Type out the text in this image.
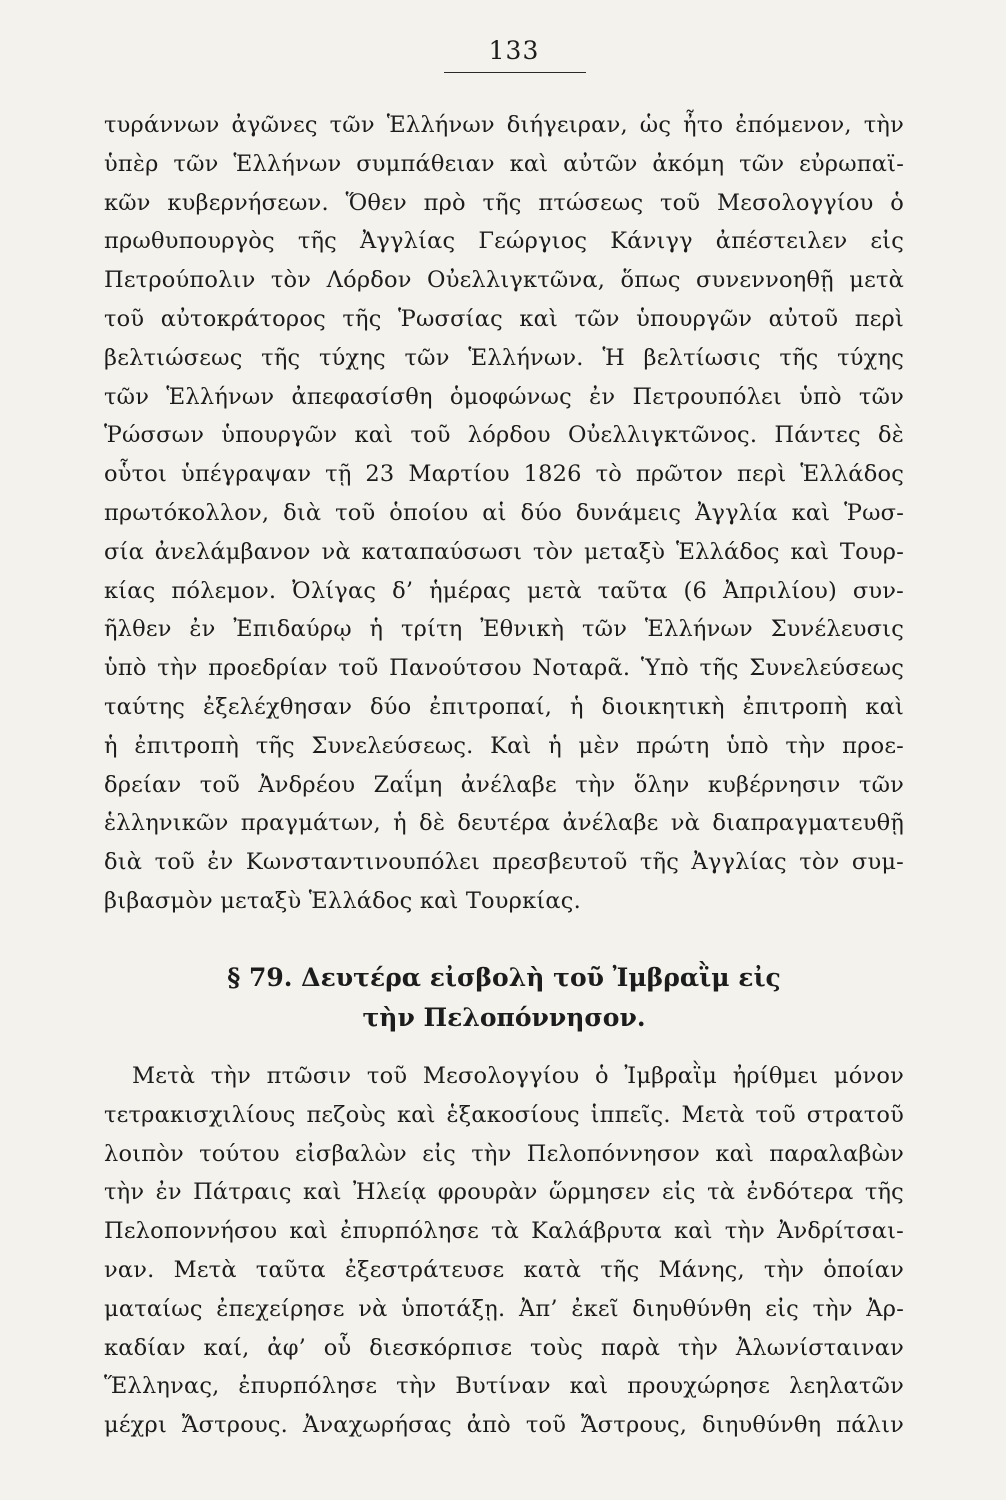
133
τυράννων ἀγῶνες τῶν Ἑλλήνων διήγειραν, ὡς ἦτο ἐπόμενον, τὴν
ὑπὲρ τῶν Ἑλλήνων συμπάθειαν καὶ αὐτῶν ἀκόμη τῶν εὐρωπαϊ-
κῶν κυβερνήσεων. Ὅθεν πρὸ τῆς πτώσεως τοῦ Μεσολογγίου ὁ
πρωθυπουργὸς τῆς Ἀγγλίας Γεώργιος Κάνιγγ ἀπέστειλεν εἰς
Πετρούπολιν τὸν Λόρδον Οὐελλιγκτῶνα, ὅπως συνεννοηθῇ μετὰ
τοῦ αὐτοκράτορος τῆς Ῥωσσίας καὶ τῶν ὑπουργῶν αὐτοῦ περὶ
βελτιώσεως τῆς τύχης τῶν Ἑλλήνων. Ἡ βελτίωσις τῆς τύχης
τῶν Ἑλλήνων ἀπεφασίσθη ὁμοφώνως ἐν Πετρουπόλει ὑπὸ τῶν
Ῥώσσων ὑπουργῶν καὶ τοῦ λόρδου Οὐελλιγκτῶνος. Πάντες δὲ
οὗτοι ὑπέγραψαν τῇ 23 Μαρτίου 1826 τὸ πρῶτον περὶ Ἑλλάδος
πρωτόκολλον, διὰ τοῦ ὁποίου αἱ δύο δυνάμεις Ἀγγλία καὶ Ῥωσ-
σία ἀνελάμβανον νὰ καταπαύσωσι τὸν μεταξὺ Ἑλλάδος καὶ Τουρ-
κίας πόλεμον. Ὀλίγας δ’ ἡμέρας μετὰ ταῦτα (6 Ἀπριλίου) συν-
ῆλθεν ἐν Ἐπιδαύρῳ ἡ τρίτη Ἐθνικὴ τῶν Ἑλλήνων Συνέλευσις
ὑπὸ τὴν προεδρίαν τοῦ Πανούτσου Νοταρᾶ. Ὑπὸ τῆς Συνελεύσεως
ταύτης ἐξελέχθησαν δύο ἐπιτροπαί, ἡ διοικητικὴ ἐπιτροπὴ καὶ
ἡ ἐπιτροπὴ τῆς Συνελεύσεως. Καὶ ἡ μὲν πρώτη ὑπὸ τὴν προε-
δρείαν τοῦ Ἀνδρέου Ζαΐμη ἀνέλαβε τὴν ὅλην κυβέρνησιν τῶν
ἑλληνικῶν πραγμάτων, ἡ δὲ δευτέρα ἀνέλαβε νὰ διαπραγματευθῇ
διὰ τοῦ ἐν Κωνσταντινουπόλει πρεσβευτοῦ τῆς Ἀγγλίας τὸν συμ-
βιβασμὸν μεταξὺ Ἑλλάδος καὶ Τουρκίας.
§ 79. Δευτέρα εἰσβολὴ τοῦ Ἰμβραῒμ εἰς
τὴν Πελοπόννησον.
Μετὰ τὴν πτῶσιν τοῦ Μεσολογγίου ὁ Ἰμβραῒμ ἠρίθμει μόνον
τετρακισχιλίους πεζοὺς καὶ ἑξακοσίους ἱππεῖς. Μετὰ τοῦ στρατοῦ
λοιπὸν τούτου εἰσβαλὼν εἰς τὴν Πελοπόννησον καὶ παραλαβὼν
τὴν ἐν Πάτραις καὶ Ἠλείᾳ φρουρὰν ὥρμησεν εἰς τὰ ἐνδότερα τῆς
Πελοποννήσου καὶ ἐπυρπόλησε τὰ Καλάβρυτα καὶ τὴν Ἀνδρίτσαι-
ναν. Μετὰ ταῦτα ἐξεστράτευσε κατὰ τῆς Μάνης, τὴν ὁποίαν
ματαίως ἐπεχείρησε νὰ ὑποτάξῃ. Ἀπ’ ἐκεῖ διηυθύνθη εἰς τὴν Ἀρ-
καδίαν καί, ἀφ’ οὗ διεσκόρπισε τοὺς παρὰ τὴν Ἀλωνίσταιναν
Ἕλληνας, ἐπυρπόλησε τὴν Βυτίναν καὶ προυχώρησε λεηλατῶν
μέχρι Ἄστρους. Ἀναχωρήσας ἀπὸ τοῦ Ἄστρους, διηυθύνθη πάλιν
